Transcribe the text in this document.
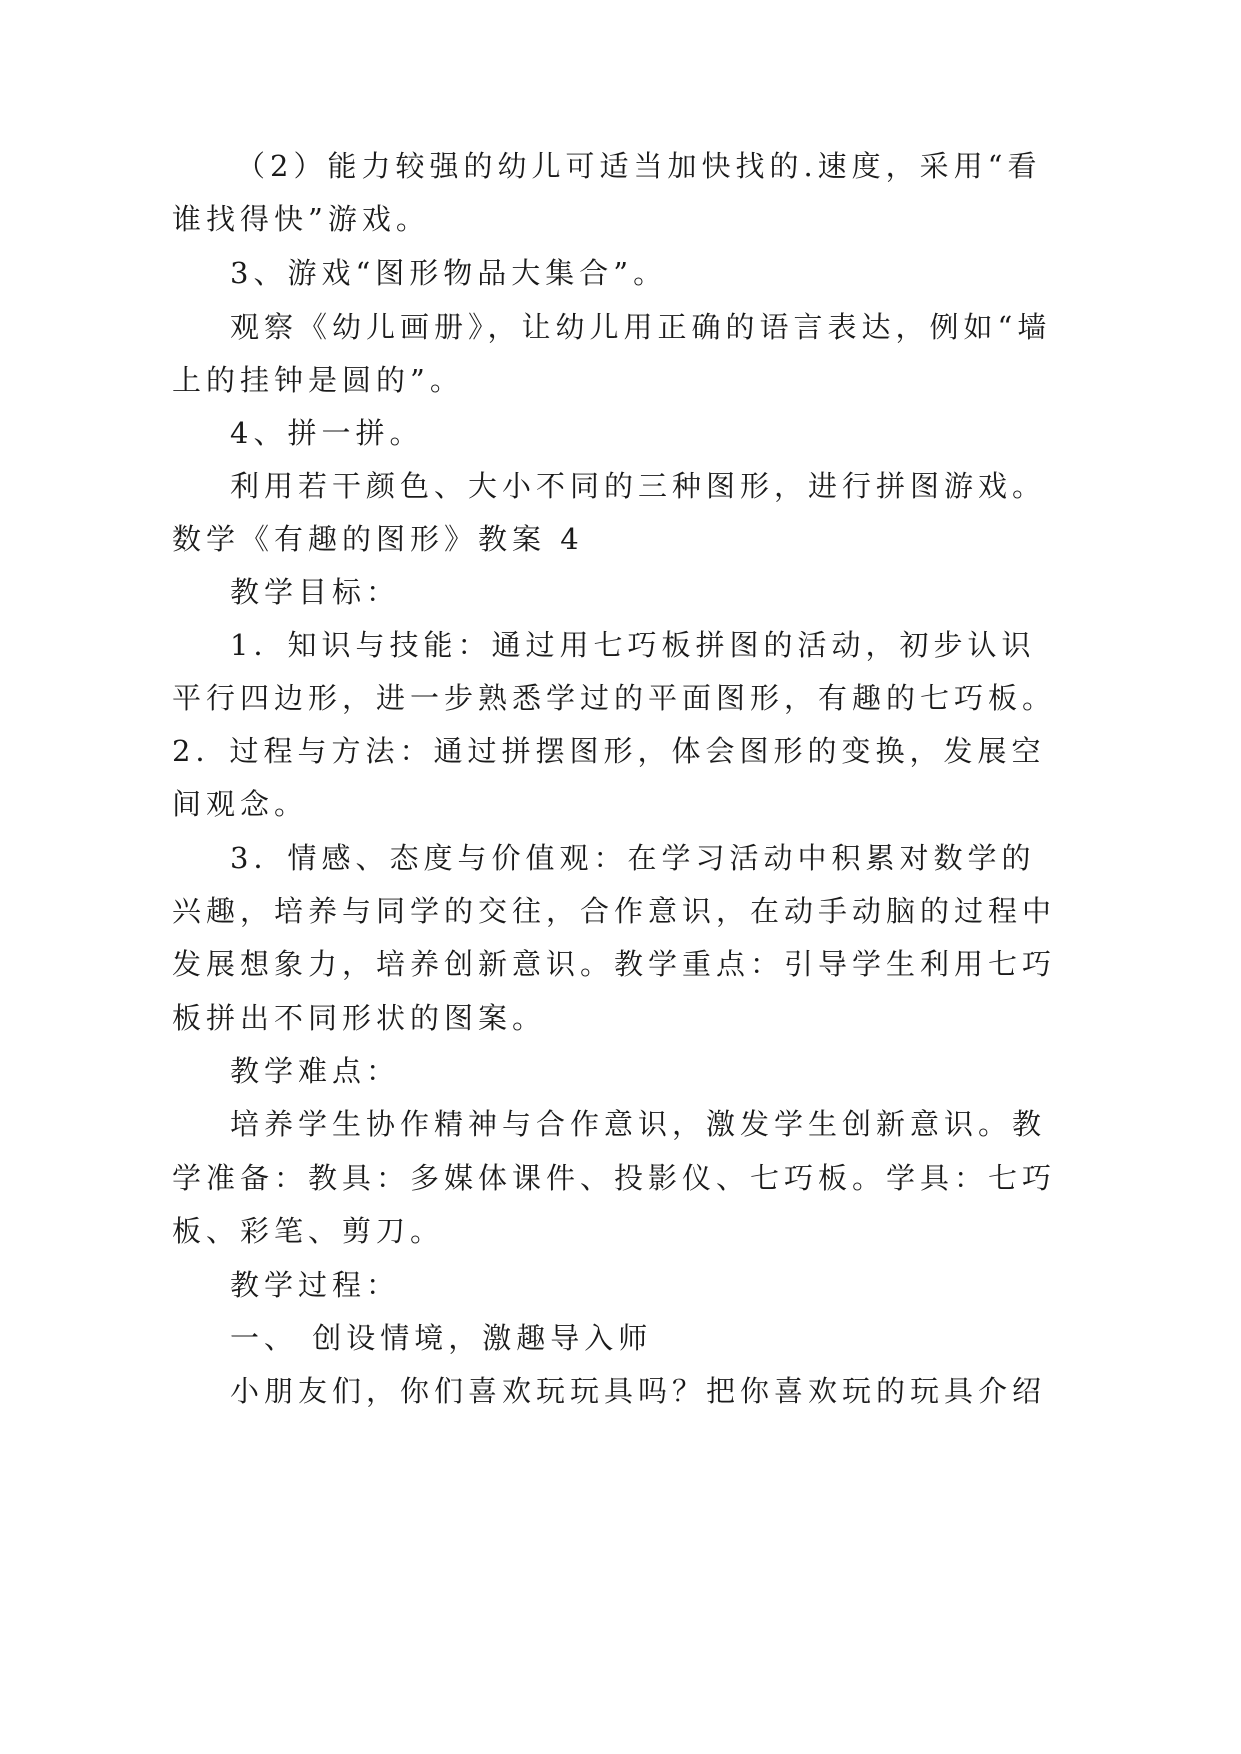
（2）能力较强的幼儿可适当加快找的.速度，采用“看
谁找得快”游戏。
3、游戏“图形物品大集合”。
观察《幼儿画册》，让幼儿用正确的语言表达，例如“墙
上的挂钟是圆的”。
4、拼一拼。
利用若干颜色、大小不同的三种图形，进行拼图游戏。
数学《有趣的图形》教案 4
教学目标：
1．知识与技能：通过用七巧板拼图的活动，初步认识
平行四边形，进一步熟悉学过的平面图形，有趣的七巧板。
2．过程与方法：通过拼摆图形，体会图形的变换，发展空
间观念。
3．情感、态度与价值观：在学习活动中积累对数学的
兴趣，培养与同学的交往，合作意识，在动手动脑的过程中
发展想象力，培养创新意识。教学重点：引导学生利用七巧
板拼出不同形状的图案。
教学难点：
培养学生协作精神与合作意识，激发学生创新意识。教
学准备：教具：多媒体课件、投影仪、七巧板。学具：七巧
板、彩笔、剪刀。
教学过程：
一、 创设情境，激趣导入师
小朋友们，你们喜欢玩玩具吗？把你喜欢玩的玩具介绍
